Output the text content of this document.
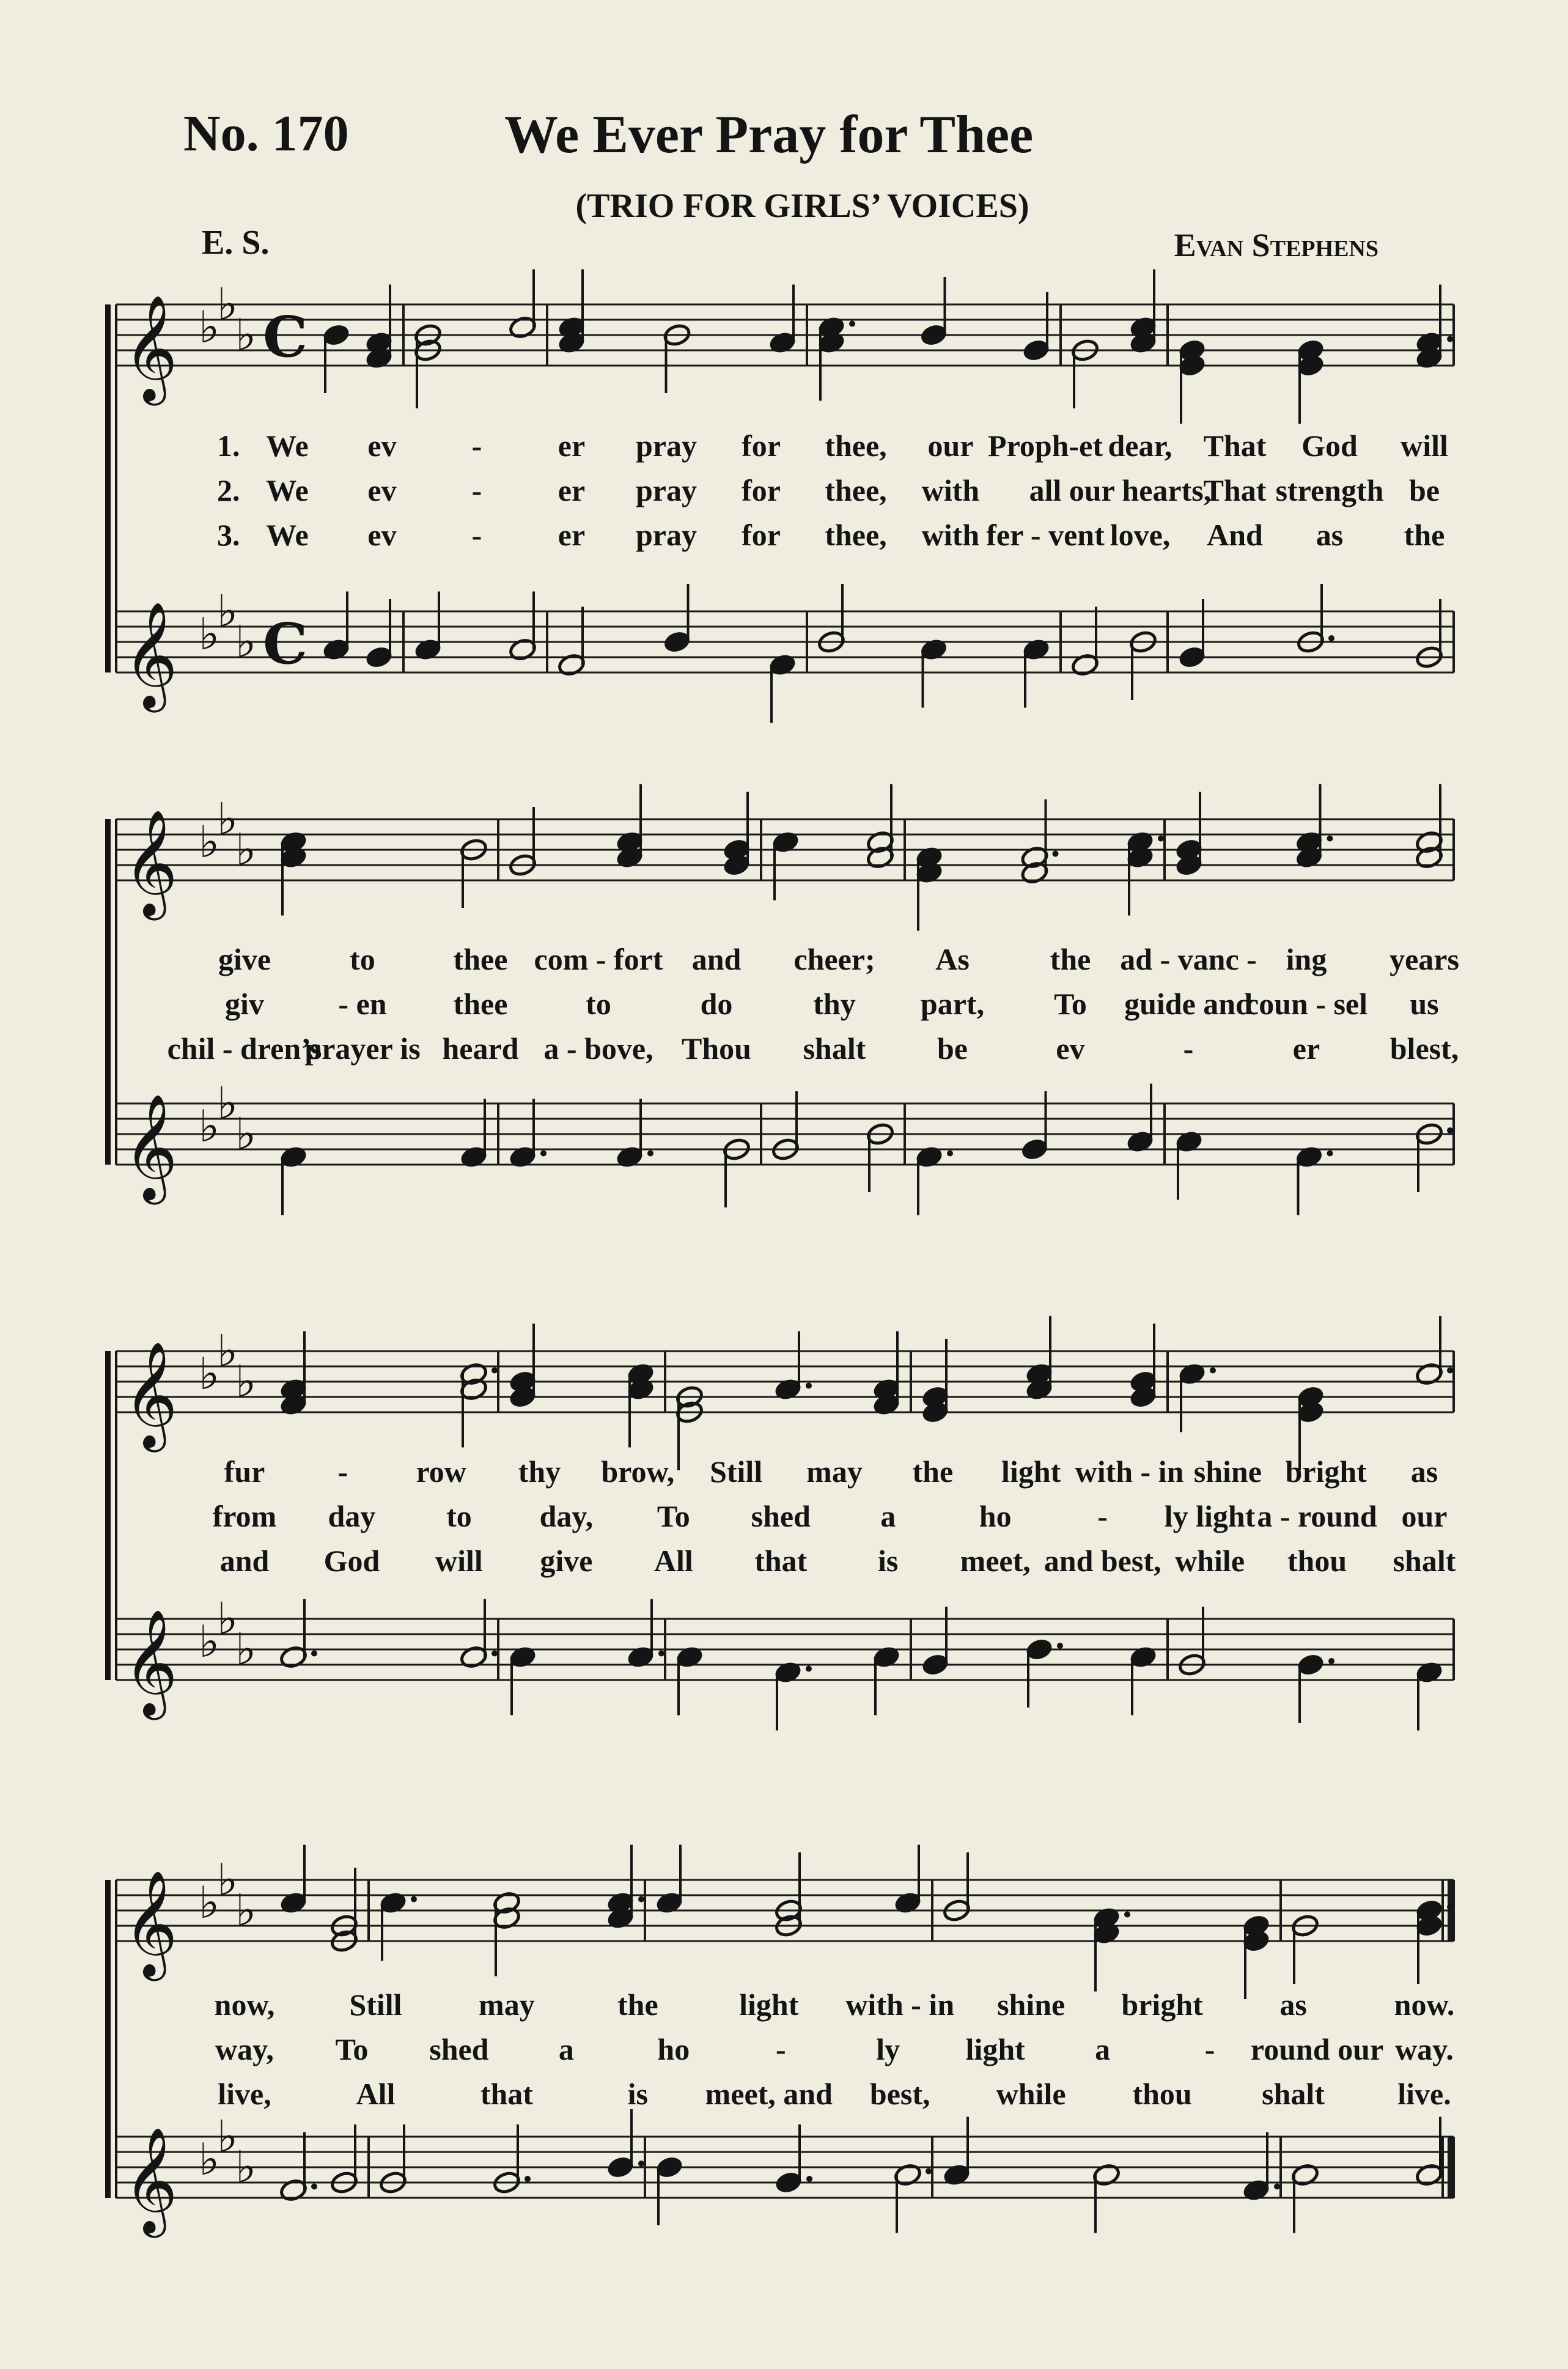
No. 170	We Ever Pray for Thee
(TRIO FOR GIRLS’ VOICES)
E. S.	Evan Stephens
𝄞 ♭
♭
♭ C
𝄞 ♭
♭
♭ C
𝄞 ♭
♭
♭
𝄞 ♭
♭
♭
𝄞 ♭
♭
♭
𝄞 ♭
♭
♭
𝄞 ♭
♭
♭
𝄞 ♭
♭
♭
1. We ev - er pray for thee, our Proph-et dear, That God will
2. We ev - er pray for thee, with all our hearts,
That strength be
3. We ev - er pray for thee, with fer - vent love, And as the
give	to	thee com - fort and cheer; As	the ad - vanc - ing years
giv - en thee	to	do	thy part, To guide and
coun - sel us
chil - dren’s
prayer is heard a - bove, Thou shalt be	ev	-	er blest,
fur - row thy brow, Still may the light with - in shine bright as
from day to day, To shed a	ho	- ly light a - round our
and God will give All that is meet, and best, while thou shalt
now, Still	may	the	light with - in shine bright	as	now.
way, To shed a	ho	-	ly light a	- round our way.
live,	All	that	is meet, and best, while thou shalt live.
